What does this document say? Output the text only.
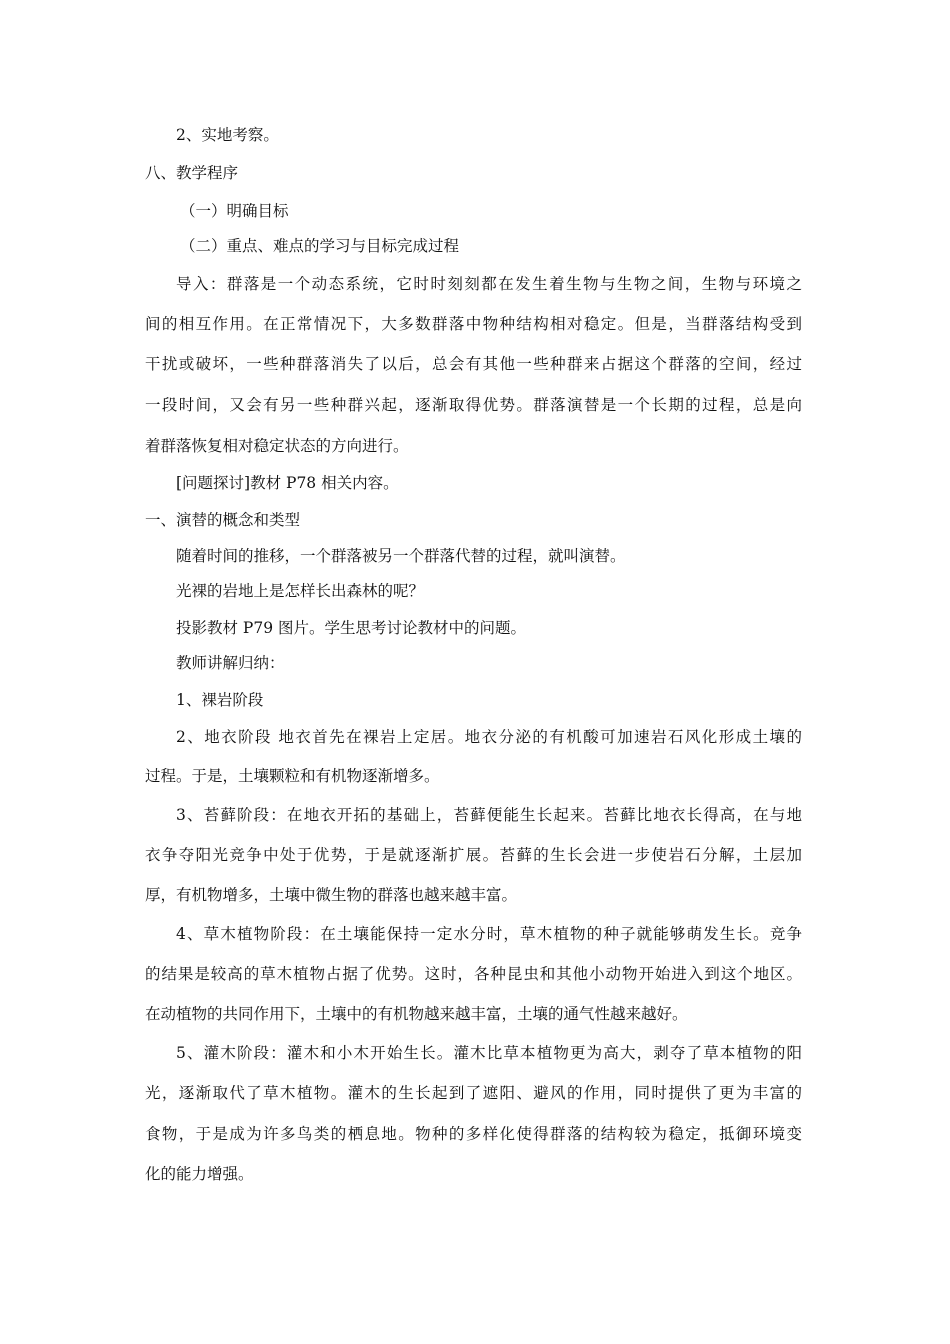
2、实地考察。
八、教学程序
（一）明确目标
（二）重点、难点的学习与目标完成过程
导入：群落是一个动态系统，它时时刻刻都在发生着生物与生物之间，生物与环境之
间的相互作用。在正常情况下，大多数群落中物种结构相对稳定。但是，当群落结构受到
干扰或破坏，一些种群落消失了以后，总会有其他一些种群来占据这个群落的空间，经过
一段时间，又会有另一些种群兴起，逐渐取得优势。群落演替是一个长期的过程，总是向
着群落恢复相对稳定状态的方向进行。
[问题探讨]教材 P78 相关内容。
一、演替的概念和类型
随着时间的推移，一个群落被另一个群落代替的过程，就叫演替。
光裸的岩地上是怎样长出森林的呢？
投影教材 P79 图片。学生思考讨论教材中的问题。
教师讲解归纳：
1、裸岩阶段
2、地衣阶段 地衣首先在裸岩上定居。地衣分泌的有机酸可加速岩石风化形成土壤的
过程。于是，土壤颗粒和有机物逐渐增多。
3、苔藓阶段：在地衣开拓的基础上，苔藓便能生长起来。苔藓比地衣长得高，在与地
衣争夺阳光竞争中处于优势，于是就逐渐扩展。苔藓的生长会进一步使岩石分解，土层加
厚，有机物增多，土壤中微生物的群落也越来越丰富。
4、草木植物阶段：在土壤能保持一定水分时，草木植物的种子就能够萌发生长。竞争
的结果是较高的草木植物占据了优势。这时，各种昆虫和其他小动物开始进入到这个地区。
在动植物的共同作用下，土壤中的有机物越来越丰富，土壤的通气性越来越好。
5、灌木阶段：灌木和小木开始生长。灌木比草本植物更为高大，剥夺了草本植物的阳
光，逐渐取代了草木植物。灌木的生长起到了遮阳、避风的作用，同时提供了更为丰富的
食物，于是成为许多鸟类的栖息地。物种的多样化使得群落的结构较为稳定，抵御环境变
化的能力增强。
